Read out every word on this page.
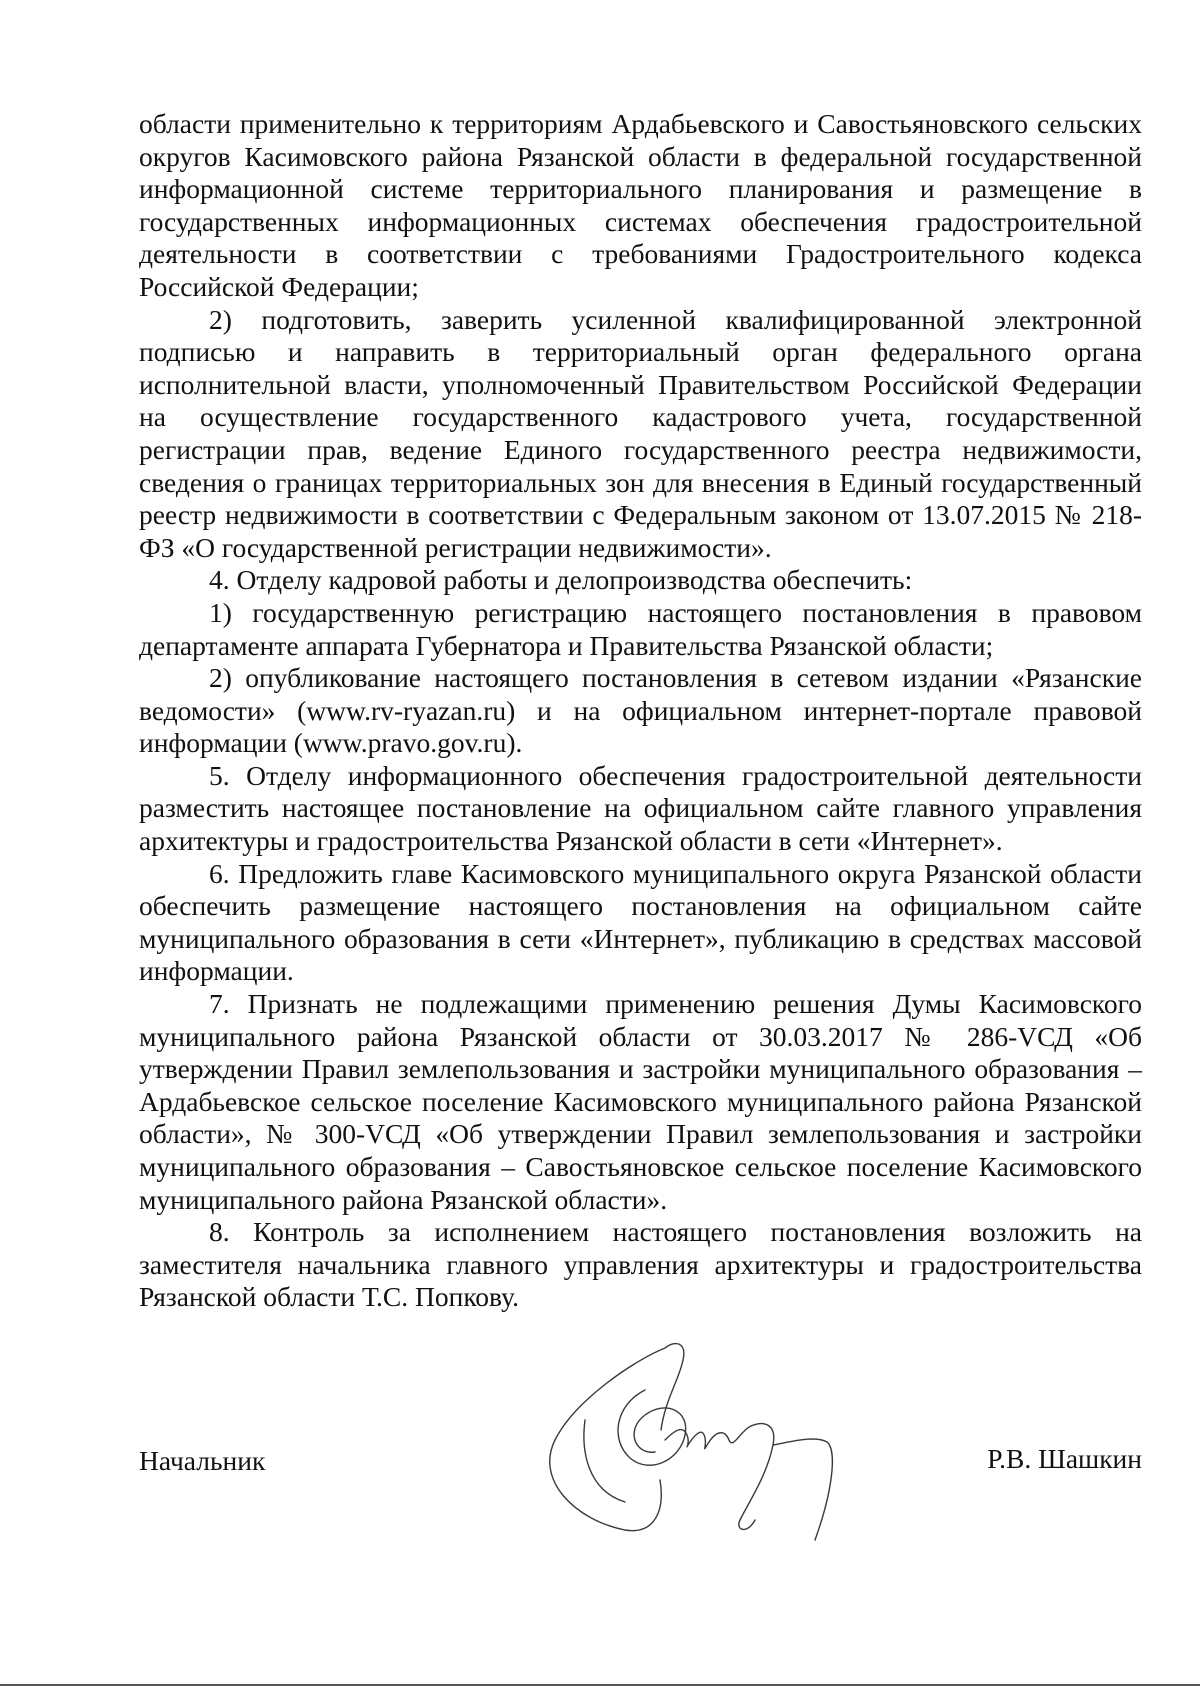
области применительно к территориям Ардабьевского и Савостьяновского сельских округов Касимовского района Рязанской области в федеральной государственной информационной системе территориального планирования и размещение в государственных информационных системах обеспечения градостроительной деятельности в соответствии с требованиями Градостроительного кодекса Российской Федерации;

2) подготовить, заверить усиленной квалифицированной электронной подписью и направить в территориальный орган федерального органа исполнительной власти, уполномоченный Правительством Российской Федерации на осуществление государственного кадастрового учета, государственной регистрации прав, ведение Единого государственного реестра недвижимости, сведения о границах территориальных зон для внесения в Единый государственный реестр недвижимости в соответствии с Федеральным законом от 13.07.2015 № 218-ФЗ «О государственной регистрации недвижимости».

4. Отделу кадровой работы и делопроизводства обеспечить:

1) государственную регистрацию настоящего постановления в правовом департаменте аппарата Губернатора и Правительства Рязанской области;

2) опубликование настоящего постановления в сетевом издании «Рязанские ведомости» (www.rv-ryazan.ru) и на официальном интернет-портале правовой информации (www.pravo.gov.ru).

5. Отделу информационного обеспечения градостроительной деятельности разместить настоящее постановление на официальном сайте главного управления архитектуры и градостроительства Рязанской области в сети «Интернет».

6. Предложить главе Касимовского муниципального округа Рязанской области обеспечить размещение настоящего постановления на официальном сайте муниципального образования в сети «Интернет», публикацию в средствах массовой информации.

7. Признать не подлежащими применению решения Думы Касимовского муниципального района Рязанской области от 30.03.2017 № 286-VСД «Об утверждении Правил землепользования и застройки муниципального образования – Ардабьевское сельское поселение Касимовского муниципального района Рязанской области», № 300-VСД «Об утверждении Правил землепользования и застройки муниципального образования – Савостьяновское сельское поселение Касимовского муниципального района Рязанской области».

8. Контроль за исполнением настоящего постановления возложить на заместителя начальника главного управления архитектуры и градостроительства Рязанской области Т.С. Попкову.

Начальник	Р.В. Шашкин
